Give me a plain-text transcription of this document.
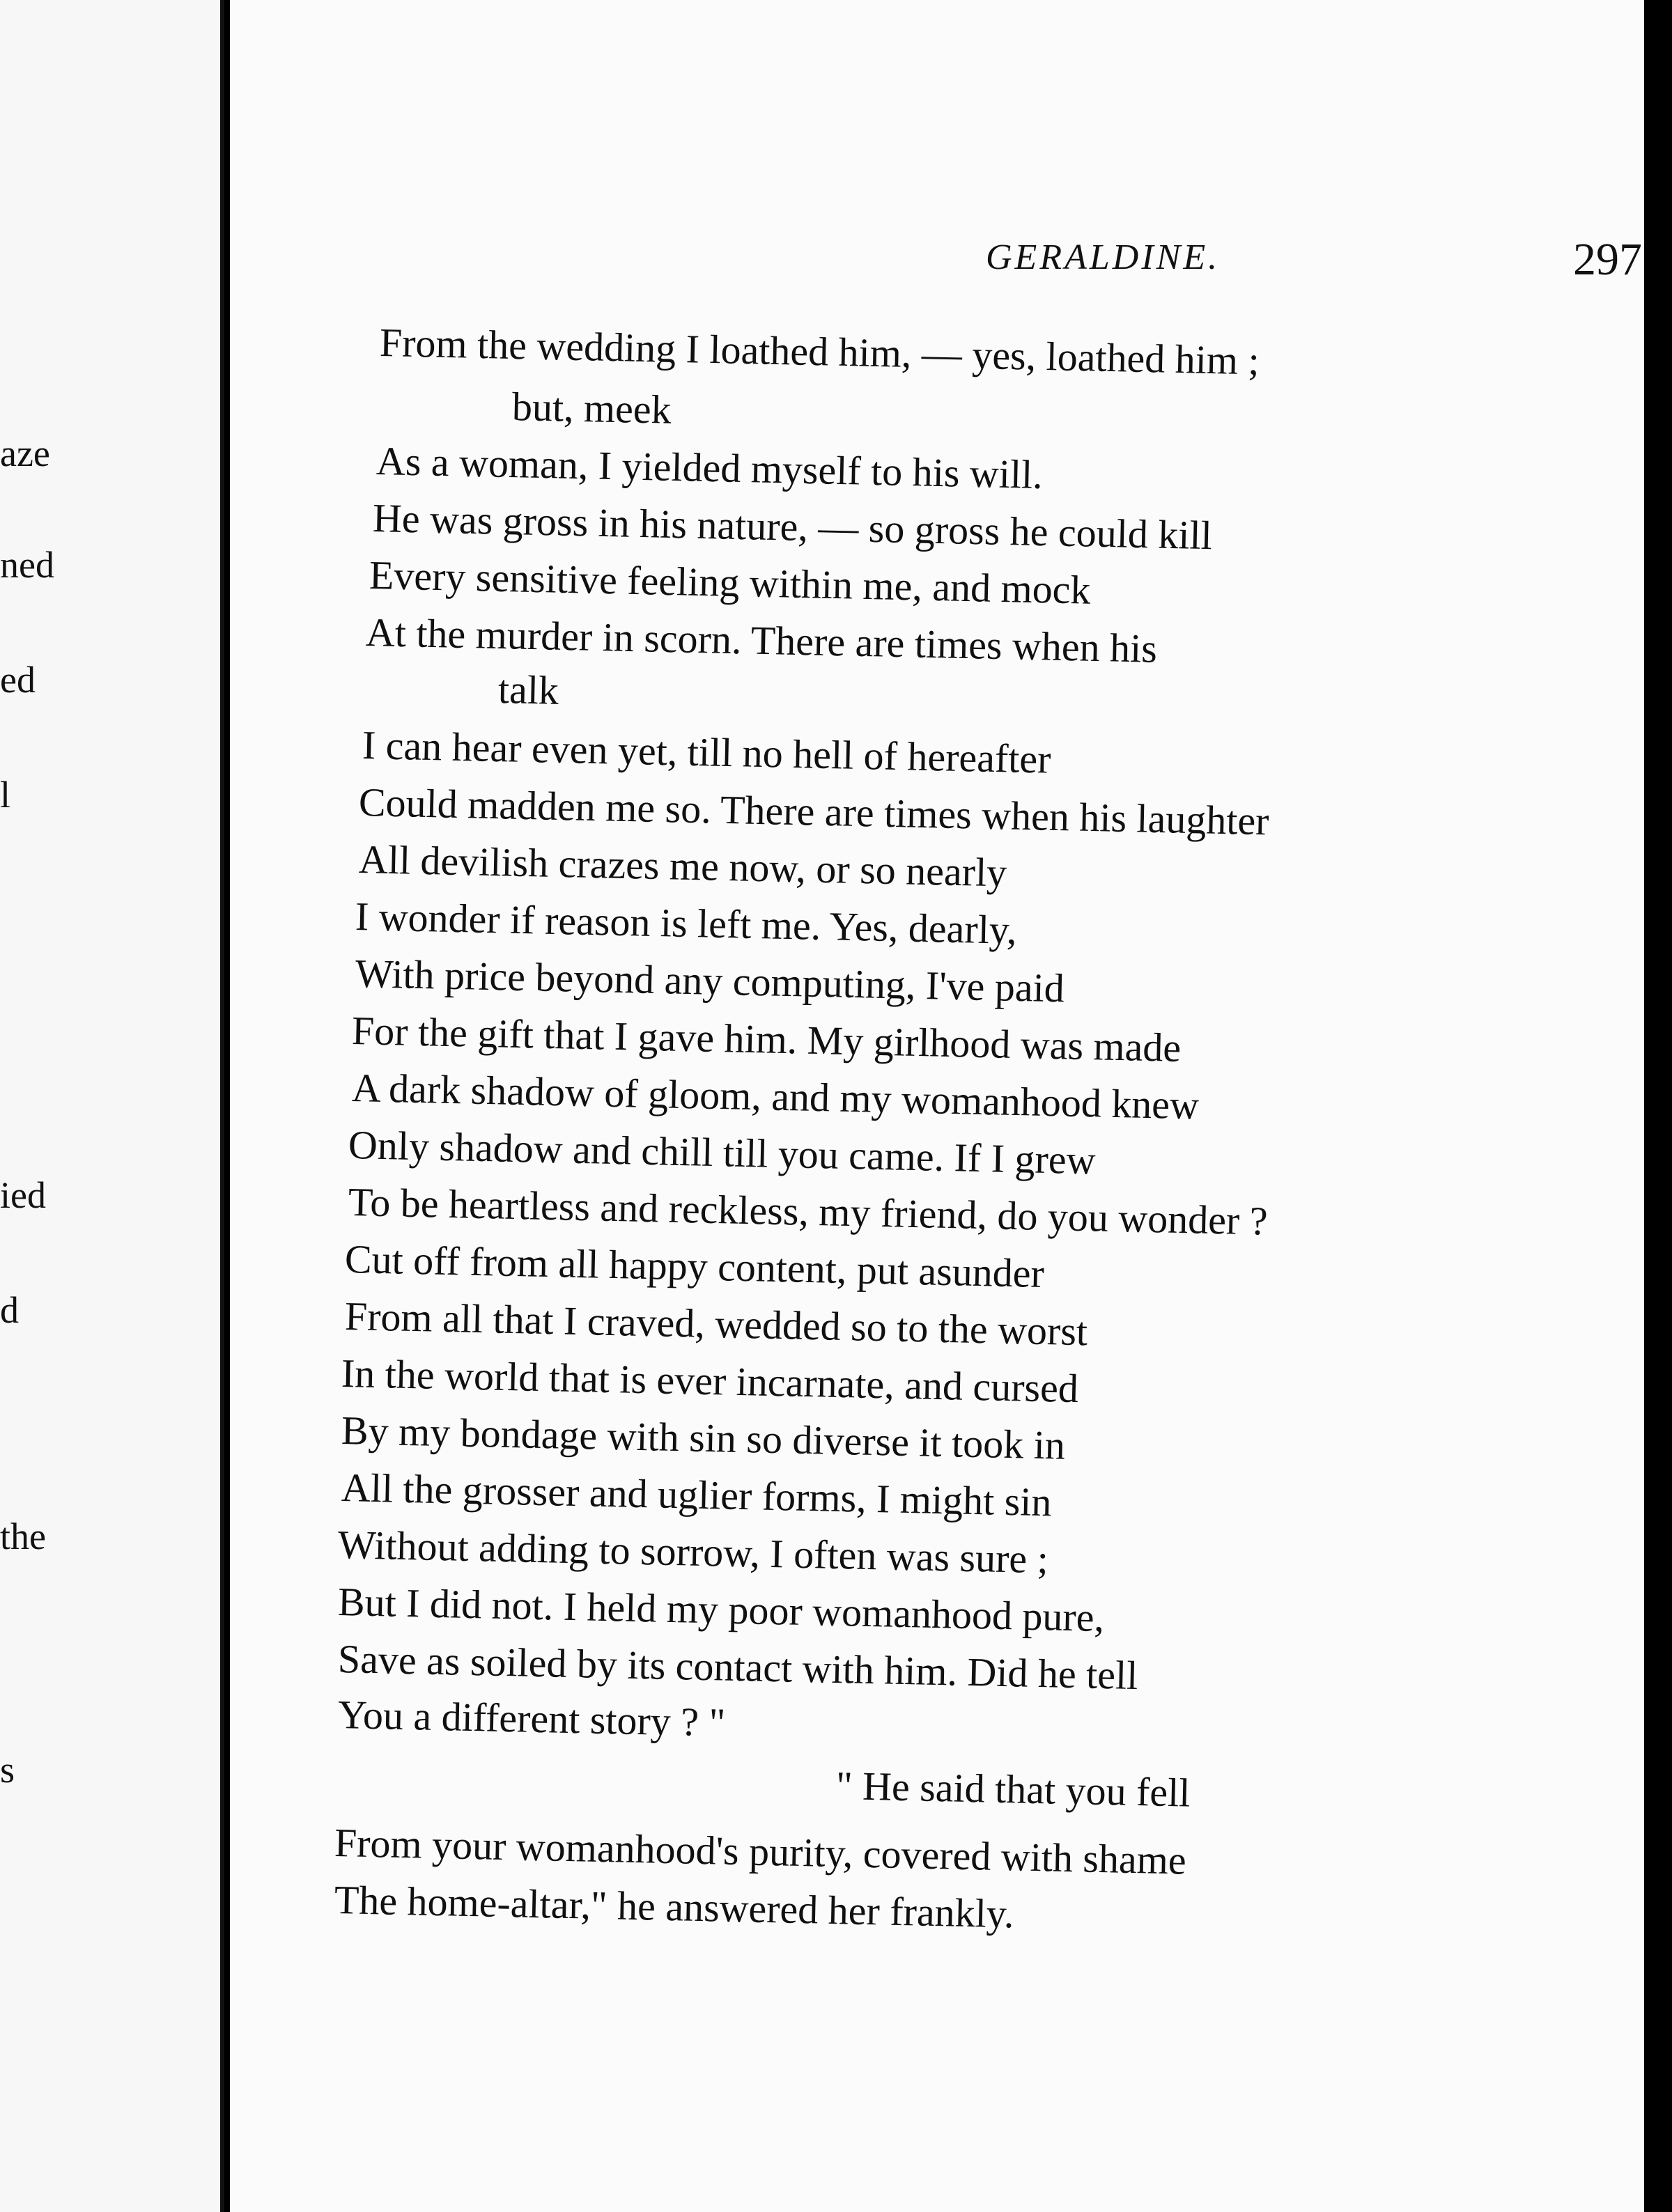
aze
ned
ed
l
ied
d
the
s
GERALDINE.	297
From the wedding I loathed him, — yes, loathed him ;
but, meek
As a woman, I yielded myself to his will.
He was gross in his nature, — so gross he could kill
Every sensitive feeling within me, and mock
At the murder in scorn. There are times when his
talk
I can hear even yet, till no hell of hereafter
Could madden me so. There are times when his laughter
All devilish crazes me now, or so nearly
I wonder if reason is left me. Yes, dearly,
With price beyond any computing, I've paid
For the gift that I gave him. My girlhood was made
A dark shadow of gloom, and my womanhood knew
Only shadow and chill till you came. If I grew
To be heartless and reckless, my friend, do you wonder ?
Cut off from all happy content, put asunder
From all that I craved, wedded so to the worst
In the world that is ever incarnate, and cursed
By my bondage with sin so diverse it took in
All the grosser and uglier forms, I might sin
Without adding to sorrow, I often was sure ;
But I did not. I held my poor womanhood pure,
Save as soiled by its contact with him. Did he tell
You a different story ? "
" He said that you fell
From your womanhood's purity, covered with shame
The home-altar," he answered her frankly.
